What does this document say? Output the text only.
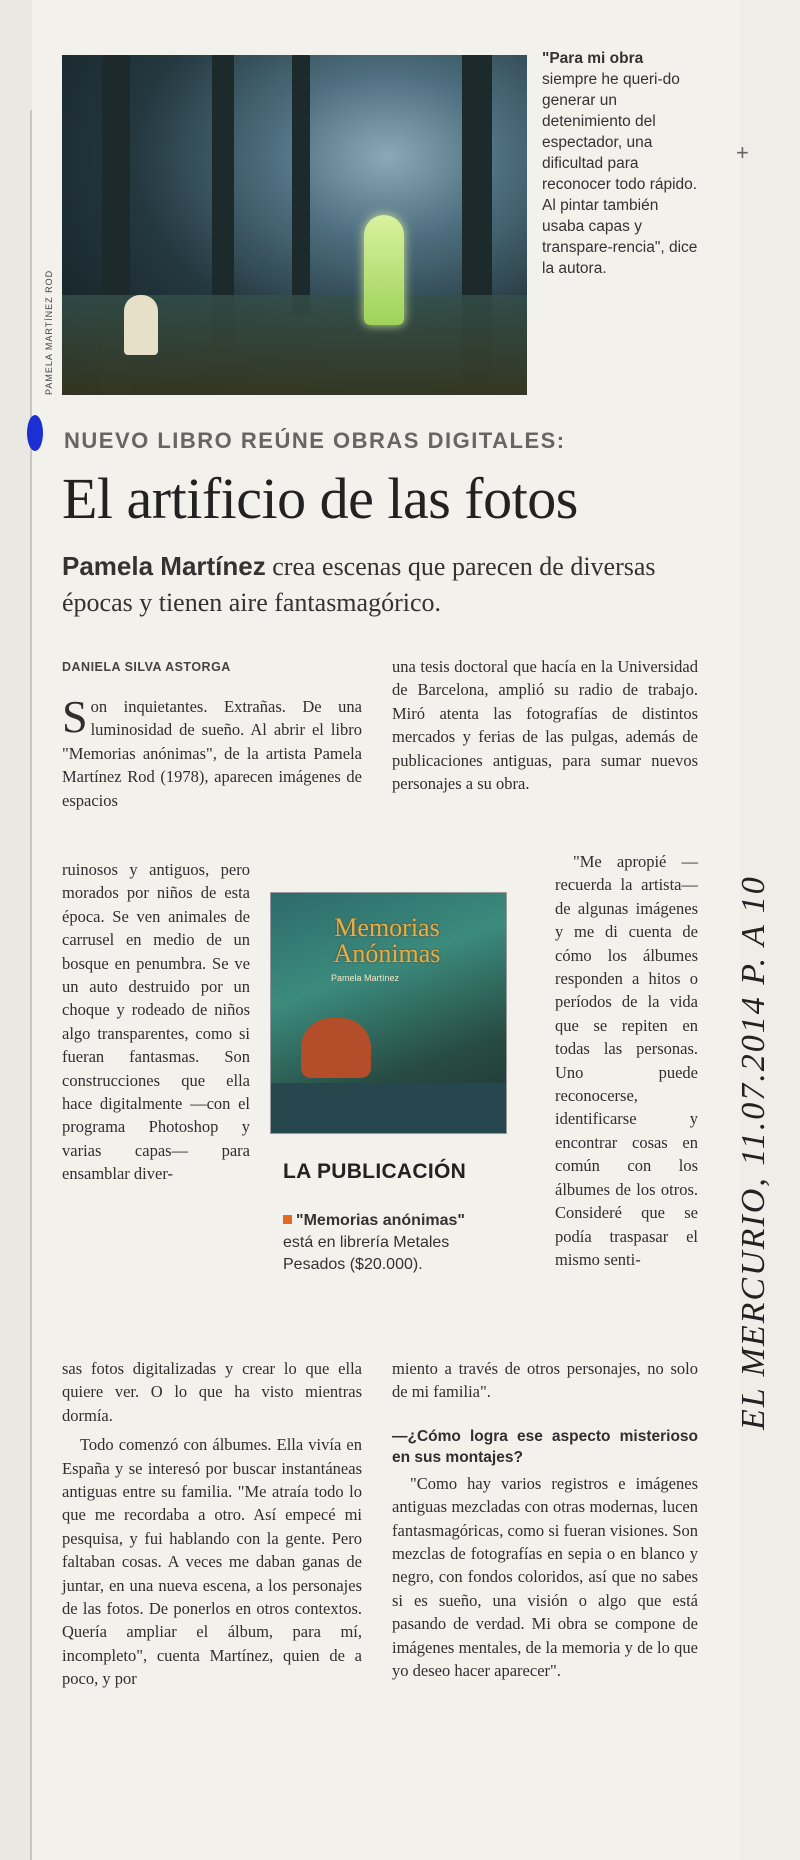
PAMELA MARTÍNEZ ROD
"Para mi obra siempre he queri-do generar un detenimiento del espectador, una dificultad para reconocer todo rápido. Al pintar también usaba capas y transpare-rencia", dice la autora.
+
NUEVO LIBRO REÚNE OBRAS DIGITALES:
El artificio de las fotos
Pamela Martínez crea escenas que parecen de diversas épocas y tienen aire fantasmagórico.
DANIELA SILVA ASTORGA

Son inquietantes. Extrañas. De una luminosidad de sueño. Al abrir el libro "Memorias anónimas", de la artista Pamela Martínez Rod (1978), aparecen imágenes de espacios

ruinosos y antiguos, pero morados por niños de esta época. Se ven animales de carrusel en medio de un bosque en penumbra. Se ve un auto destruido por un choque y rodeado de niños algo transparentes, como si fueran fantasmas. Son construcciones que ella hace digitalmente —con el programa Photoshop y varias capas— para ensamblar diver-

sas fotos digitalizadas y crear lo que ella quiere ver. O lo que ha visto mientras dormía.

Todo comenzó con álbumes. Ella vivía en España y se interesó por buscar instantáneas antiguas entre su familia. "Me atraía todo lo que me recordaba a otro. Así empecé mi pesquisa, y fui hablando con la gente. Pero faltaban cosas. A veces me daban ganas de juntar, en una nueva escena, a los personajes de las fotos. De ponerlos en otros contextos. Quería ampliar el álbum, para mí, incompleto", cuenta Martínez, quien de a poco, y por

una tesis doctoral que hacía en la Universidad de Barcelona, amplió su radio de trabajo. Miró atenta las fotografías de distintos mercados y ferias de las pulgas, además de publicaciones antiguas, para sumar nuevos personajes a su obra.

"Me apropié —recuerda la artista— de algunas imágenes y me di cuenta de cómo los álbumes responden a hitos o períodos de la vida que se repiten en todas las personas. Uno puede reconocerse, identificarse y encontrar cosas en común con los álbumes de los otros. Consideré que se podía traspasar el mismo senti-

miento a través de otros personajes, no solo de mi familia".

—¿Cómo logra ese aspecto misterioso en sus montajes?

"Como hay varios registros e imágenes antiguas mezcladas con otras modernas, lucen fantasmagóricas, como si fueran visiones. Son mezclas de fotografías en sepia o en blanco y negro, con fondos coloridos, así que no sabes si es sueño, una visión o algo que está pasando de verdad. Mi obra se compone de imágenes mentales, de la memoria y de lo que yo deseo hacer aparecer".

Memorias Anónimas
Pamela Martínez
LA PUBLICACIÓN
"Memorias anónimas" está en librería Metales Pesados ($20.000).	EL MERCURIO, 11.07.2014 P. A 10
